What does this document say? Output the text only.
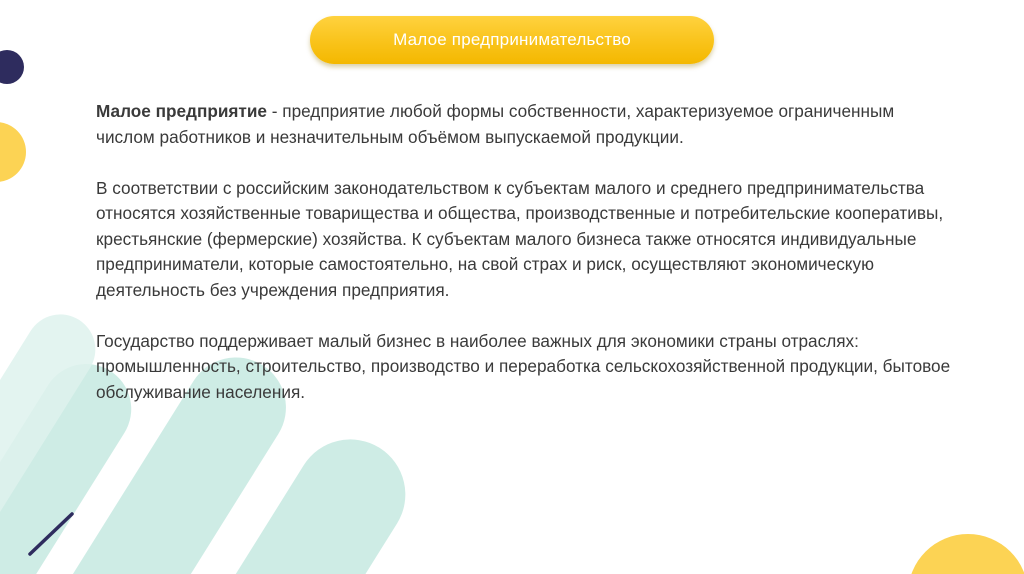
Малое предпринимательство

Малое предприятие - предприятие любой формы собственности, характеризуемое ограниченным числом работников и незначительным объёмом выпускаемой продукции.

В соответствии с российским законодательством к субъектам малого и среднего предпринимательства относятся хозяйственные товарищества и общества, производственные и потребительские кооперативы, крестьянские (фермерские) хозяйства. К субъектам малого бизнеса также относятся индивидуальные предприниматели, которые самостоятельно, на свой страх и риск, осуществляют экономическую деятельность без учреждения предприятия.

Государство поддерживает малый бизнес в наиболее важных для экономики страны отраслях: промышленность, строительство, производство и переработка сельскохозяйственной продукции, бытовое обслуживание населения.
